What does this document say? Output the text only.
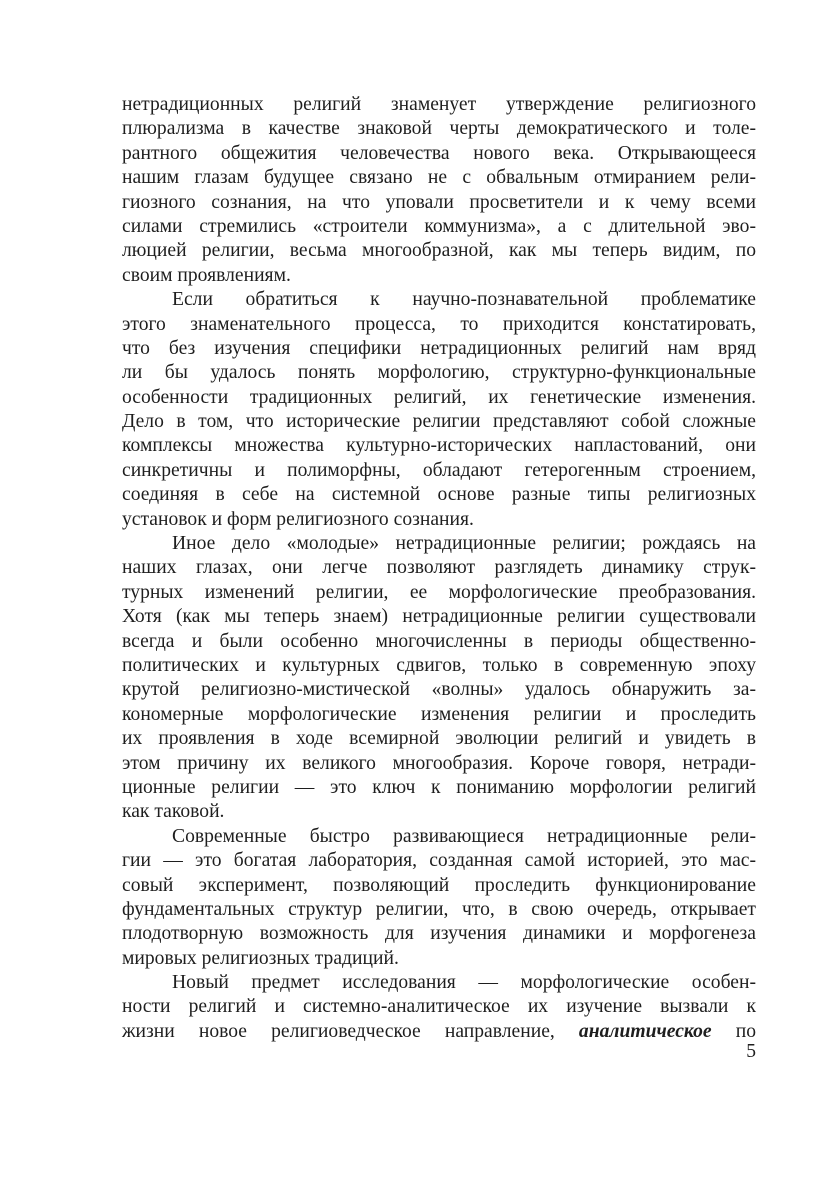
нетрадиционных религий знаменует утверждение религиозного
плюрализма в качестве знаковой черты демократического и толе-
рантного общежития человечества нового века. Открывающееся
нашим глазам будущее связано не с обвальным отмиранием рели-
гиозного сознания, на что уповали просветители и к чему всеми
силами стремились «строители коммунизма», а с длительной эво-
люцией религии, весьма многообразной, как мы теперь видим, по
своим проявлениям.
Если обратиться к научно-познавательной проблематике
этого знаменательного процесса, то приходится констатировать,
что без изучения специфики нетрадиционных религий нам вряд
ли бы удалось понять морфологию, структурно-функциональные
особенности традиционных религий, их генетические изменения.
Дело в том, что исторические религии представляют собой сложные
комплексы множества культурно-исторических напластований, они
синкретичны и полиморфны, обладают гетерогенным строением,
соединяя в себе на системной основе разные типы религиозных
установок и форм религиозного сознания.
Иное дело «молодые» нетрадиционные религии; рождаясь на
наших глазах, они легче позволяют разглядеть динамику струк-
турных изменений религии, ее морфологические преобразования.
Хотя (как мы теперь знаем) нетрадиционные религии существовали
всегда и были особенно многочисленны в периоды общественно-
политических и культурных сдвигов, только в современную эпоху
крутой религиозно-мистической «волны» удалось обнаружить за-
кономерные морфологические изменения религии и проследить
их проявления в ходе всемирной эволюции религий и увидеть в
этом причину их великого многообразия. Короче говоря, нетради-
ционные религии — это ключ к пониманию морфологии религий
как таковой.
Современные быстро развивающиеся нетрадиционные рели-
гии — это богатая лаборатория, созданная самой историей, это мас-
совый эксперимент, позволяющий проследить функционирование
фундаментальных структур религии, что, в свою очередь, открывает
плодотворную возможность для изучения динамики и морфогенеза
мировых религиозных традиций.
Новый предмет исследования — морфологические особен-
ности религий и системно-аналитическое их изучение вызвали к
жизни новое религиоведческое направление, аналитическое по
5
